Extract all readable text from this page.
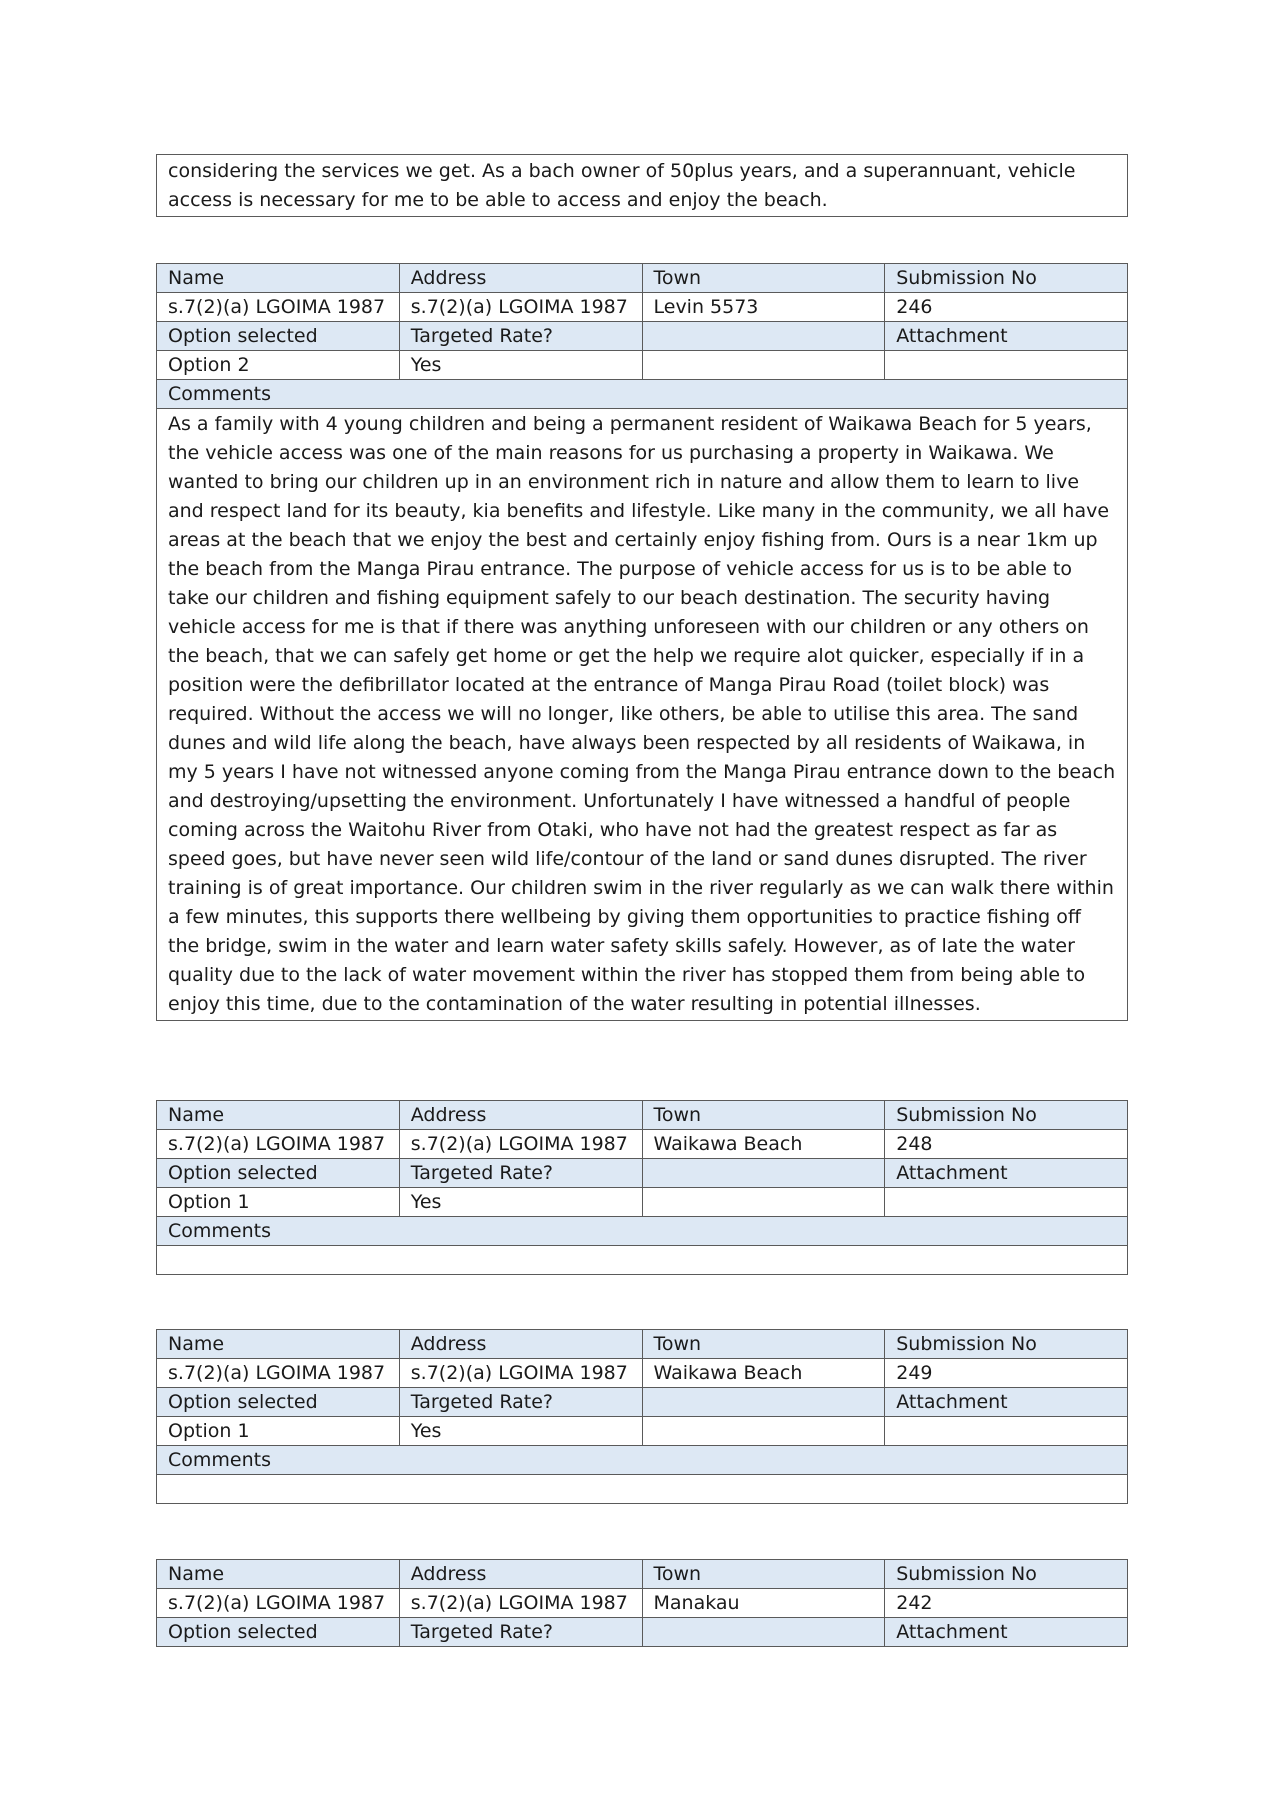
considering the services we get. As a bach owner of 50plus years, and a superannuant, vehicle access is necessary for me to be able to access and enjoy the beach.
Name	Address	Town	Submission No
s.7(2)(a) LGOIMA 1987	s.7(2)(a) LGOIMA 1987	Levin 5573	246
Option selected	Targeted Rate?		Attachment
Option 2	Yes		
Comments			
As a family with 4 young children and being a permanent resident of Waikawa Beach for 5 years, the vehicle access was one of the main reasons for us purchasing a property in Waikawa. We wanted to bring our children up in an environment rich in nature and allow them to learn to live and respect land for its beauty, kia benefits and lifestyle. Like many in the community, we all have areas at the beach that we enjoy the best and certainly enjoy fishing from. Ours is a near 1km up the beach from the Manga Pirau entrance. The purpose of vehicle access for us is to be able to take our children and fishing equipment safely to our beach destination. The security having vehicle access for me is that if there was anything unforeseen with our children or any others on the beach, that we can safely get home or get the help we require alot quicker, especially if in a position were the defibrillator located at the entrance of Manga Pirau Road (toilet block) was required. Without the access we will no longer, like others, be able to utilise this area. The sand dunes and wild life along the beach, have always been respected by all residents of Waikawa, in my 5 years I have not witnessed anyone coming from the Manga Pirau entrance down to the beach and destroying/upsetting the environment. Unfortunately I have witnessed a handful of people coming across the Waitohu River from Otaki, who have not had the greatest respect as far as speed goes, but have never seen wild life/contour of the land or sand dunes disrupted. The river training is of great importance. Our children swim in the river regularly as we can walk there within a few minutes, this supports there wellbeing by giving them opportunities to practice fishing off the bridge, swim in the water and learn water safety skills safely. However, as of late the water quality due to the lack of water movement within the river has stopped them from being able to enjoy this time, due to the contamination of the water resulting in potential illnesses.			
Name	Address	Town	Submission No
s.7(2)(a) LGOIMA 1987	s.7(2)(a) LGOIMA 1987	Waikawa Beach	248
Option selected	Targeted Rate?		Attachment
Option 1	Yes		
Comments			

Name	Address	Town	Submission No
s.7(2)(a) LGOIMA 1987	s.7(2)(a) LGOIMA 1987	Waikawa Beach	249
Option selected	Targeted Rate?		Attachment
Option 1	Yes		
Comments			

Name	Address	Town	Submission No
s.7(2)(a) LGOIMA 1987	s.7(2)(a) LGOIMA 1987	Manakau	242
Option selected	Targeted Rate?		Attachment
